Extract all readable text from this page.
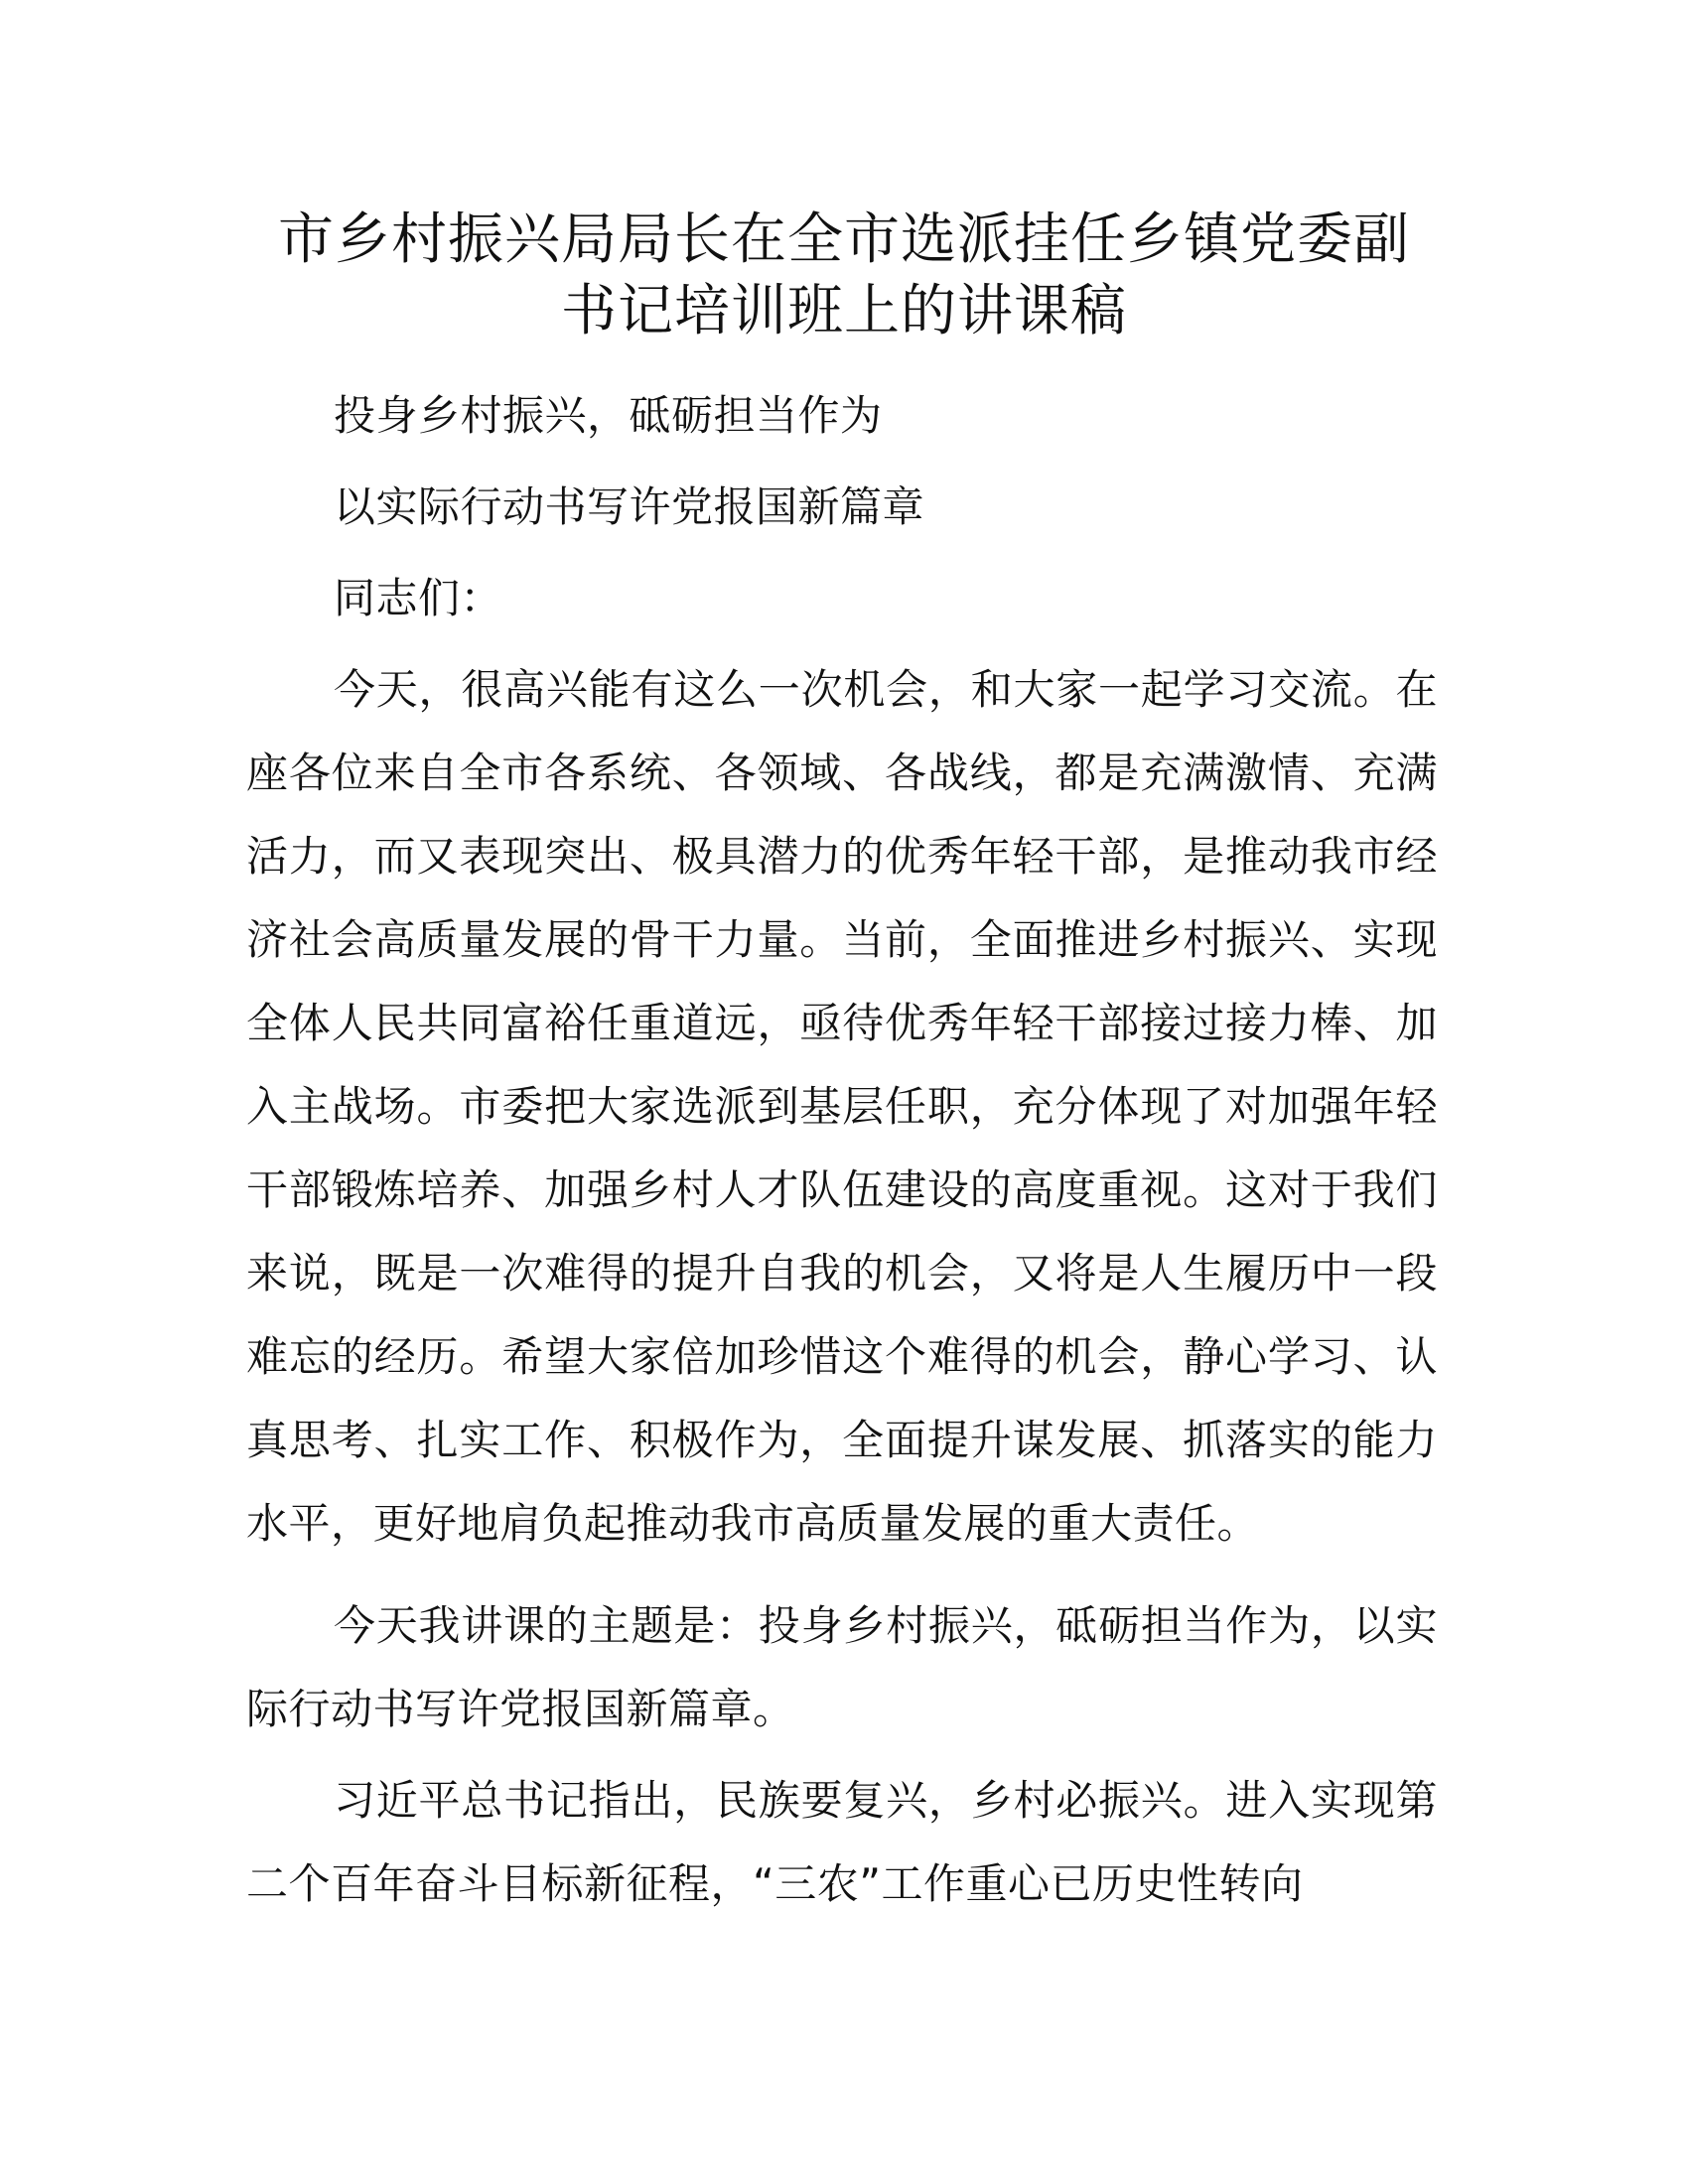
市乡村振兴局局长在全市选派挂任乡镇党委副
书记培训班上的讲课稿

投身乡村振兴，砥砺担当作为

以实际行动书写许党报国新篇章

同志们：

今天，很高兴能有这么一次机会，和大家一起学习交流。在座各位来自全市各系统、各领域、各战线，都是充满激情、充满活力，而又表现突出、极具潜力的优秀年轻干部，是推动我市经济社会高质量发展的骨干力量。当前，全面推进乡村振兴、实现全体人民共同富裕任重道远，亟待优秀年轻干部接过接力棒、加入主战场。市委把大家选派到基层任职，充分体现了对加强年轻干部锻炼培养、加强乡村人才队伍建设的高度重视。这对于我们来说，既是一次难得的提升自我的机会，又将是人生履历中一段难忘的经历。希望大家倍加珍惜这个难得的机会，静心学习、认真思考、扎实工作、积极作为，全面提升谋发展、抓落实的能力水平，更好地肩负起推动我市高质量发展的重大责任。

今天我讲课的主题是：投身乡村振兴，砥砺担当作为，以实际行动书写许党报国新篇章。

习近平总书记指出，民族要复兴，乡村必振兴。进入实现第二个百年奋斗目标新征程，“三农”工作重心已历史性转向
